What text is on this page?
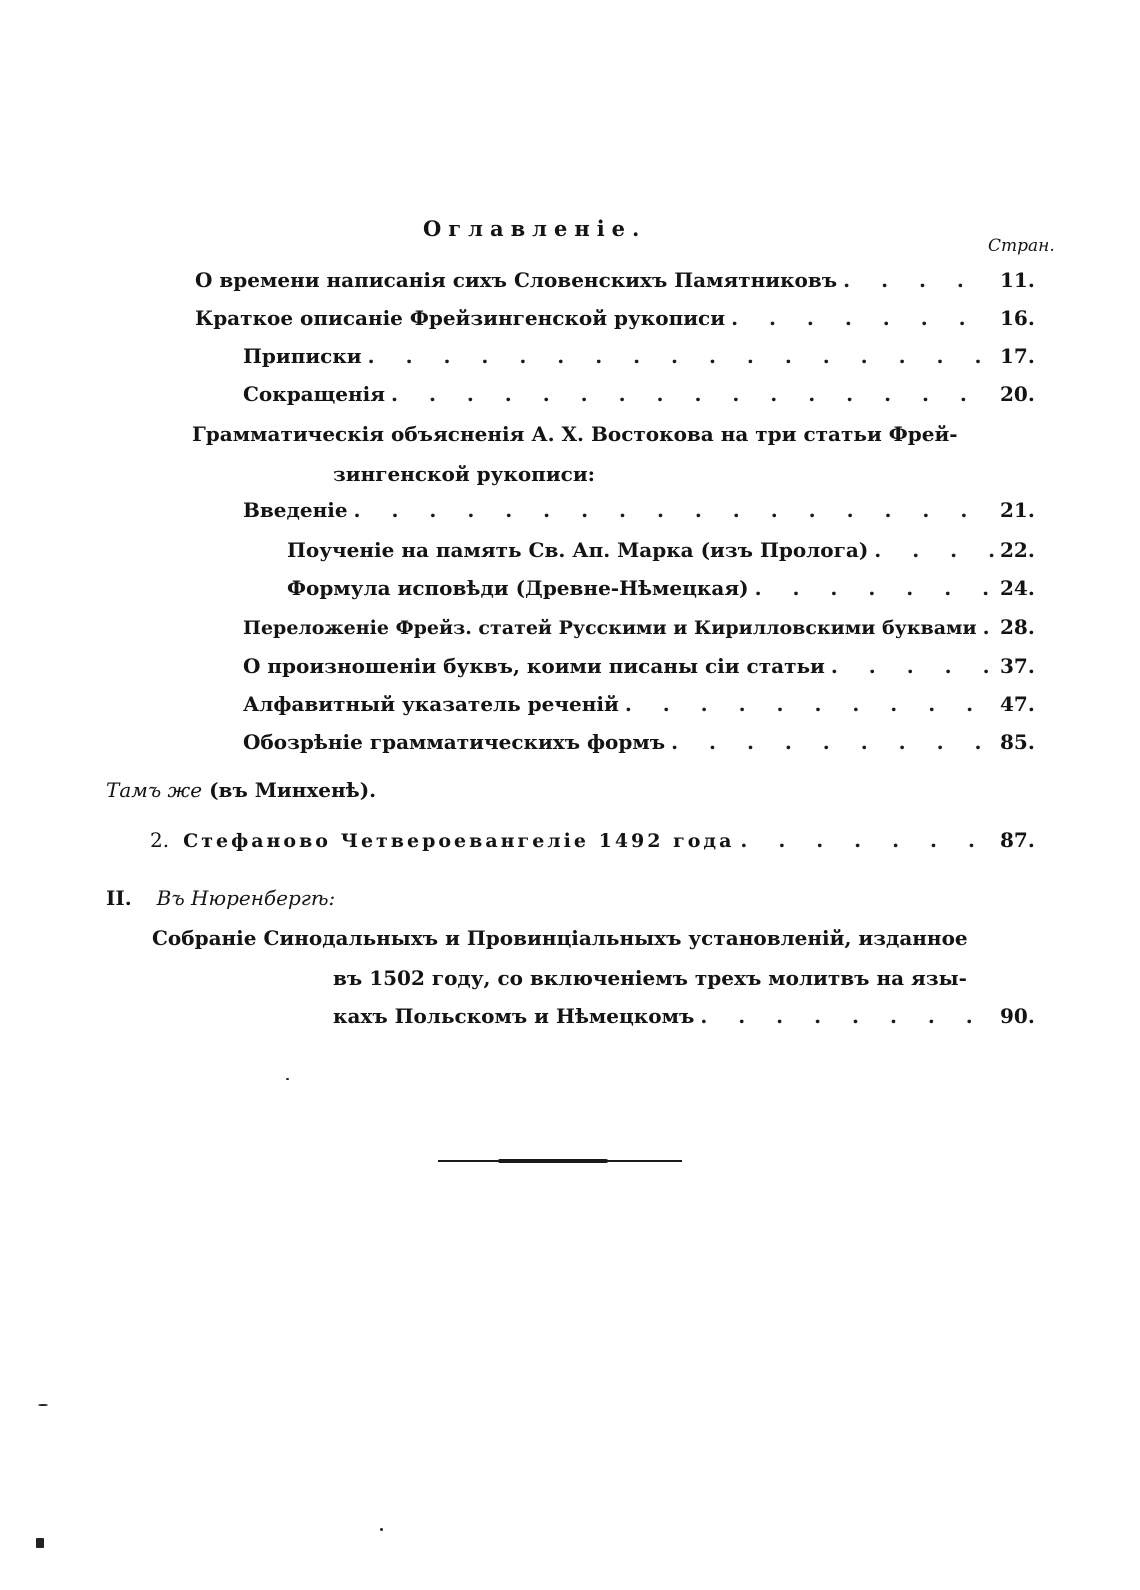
Оглавленіе.
Стран.
О времени написанія сихъ Словенскихъ Памятниковъ . . .	11.
Краткое описаніе Фрейзингенской рукописи . . .	16.
Приписки . . .	17.
Сокращенія . . .	20.
Грамматическія объясненія А. Х. Востокова на три статьи Фрей-
зингенской рукописи:
Введеніе . . .	21.
Поученіе на память Св. Ап. Марка (изъ Пролога) . . .	22.
Формула исповѣди (Древне-Нѣмецкая) . . .	24.
Переложеніе Фрейз. статей Русскими и Кирилловскими буквами . . . 28.
О произношеніи буквъ, коими писаны сіи статьи . . .	37.
Алфавитный указатель реченій . . .	47.
Обозрѣніе грамматическихъ формъ . . .	85.
Тамъ же (въ Минхенѣ).
2. Стефаново Четвероевангеліе 1492 года . . .	87.
II. Въ Нюренбергѣ:
Собраніе Синодальныхъ и Провинціальныхъ установленій, изданное
въ 1502 году, со включеніемъ трехъ молитвъ на язы-
кахъ Польскомъ и Нѣмецкомъ . . .	90.
